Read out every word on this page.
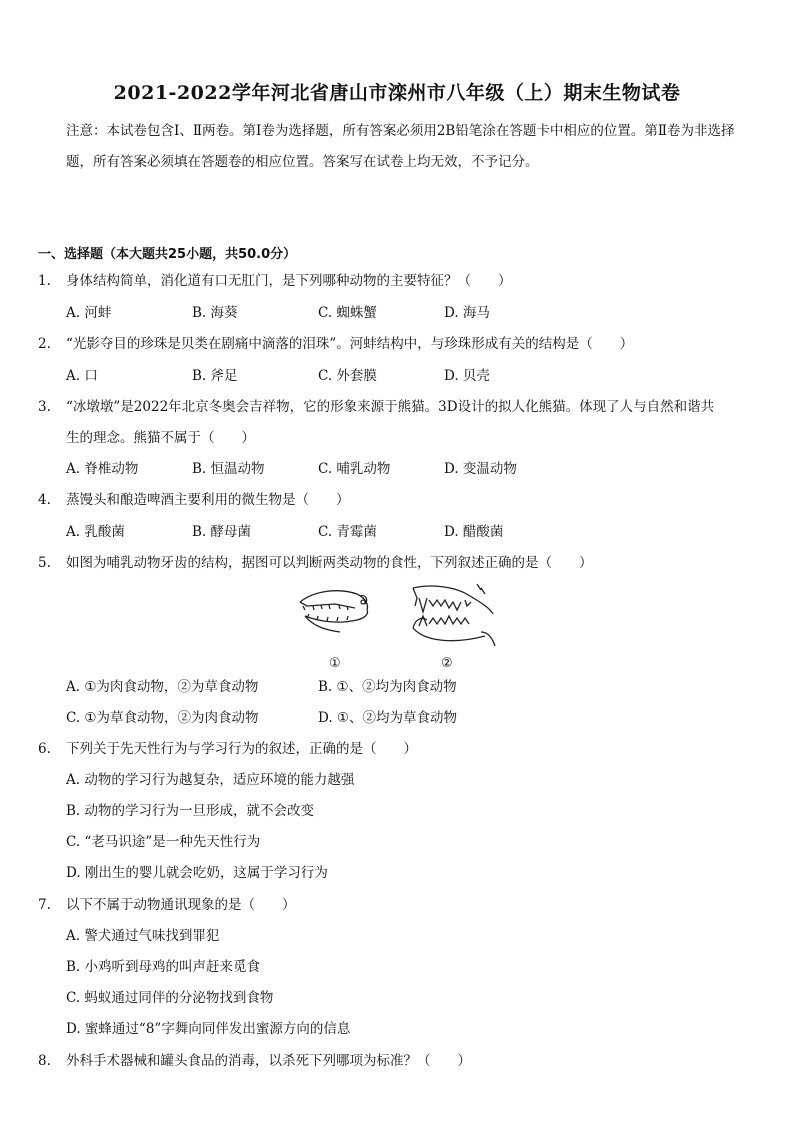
2021-2022学年河北省唐山市滦州市八年级（上）期末生物试卷
注意：本试卷包含Ⅰ、Ⅱ两卷。第Ⅰ卷为选择题，所有答案必须用2B铅笔涂在答题卡中相应的位置。第Ⅱ卷为非选择题，所有答案必须填在答题卷的相应位置。答案写在试卷上均无效，不予记分。
一、选择题（本大题共25小题，共50.0分）
1. 身体结构简单，消化道有口无肛门，是下列哪种动物的主要特征？（　　）
A. 河蚌	B. 海葵	C. 蜘蛛蟹	D. 海马
2. “光影夺目的珍珠是贝类在剧痛中滴落的泪珠”。河蚌结构中，与珍珠形成有关的结构是（　　）
A. 口	B. 斧足	C. 外套膜	D. 贝壳
3. “冰墩墩”是2022年北京冬奥会吉祥物，它的形象来源于熊猫。3D设计的拟人化熊猫。体现了人与自然和谐共
生的理念。熊猫不属于（　　）
A. 脊椎动物	B. 恒温动物	C. 哺乳动物	D. 变温动物
4. 蒸馒头和酿造啤酒主要利用的微生物是（　　）
A. 乳酸菌	B. 酵母菌	C. 青霉菌	D. 醋酸菌
5. 如图为哺乳动物牙齿的结构，据图可以判断两类动物的食性，下列叙述正确的是（　　）
①	②
A. ①为肉食动物，②为草食动物	B. ①、②均为肉食动物
C. ①为草食动物，②为肉食动物	D. ①、②均为草食动物
6. 下列关于先天性行为与学习行为的叙述，正确的是（　　）
A. 动物的学习行为越复杂，适应环境的能力越强
B. 动物的学习行为一旦形成，就不会改变
C. “老马识途”是一种先天性行为
D. 刚出生的婴儿就会吃奶，这属于学习行为
7. 以下不属于动物通讯现象的是（　　）
A. 警犬通过气味找到罪犯
B. 小鸡听到母鸡的叫声赶来觅食
C. 蚂蚁通过同伴的分泌物找到食物
D. 蜜蜂通过“8”字舞向同伴发出蜜源方向的信息
8. 外科手术器械和罐头食品的消毒，以杀死下列哪项为标准？（　　）
